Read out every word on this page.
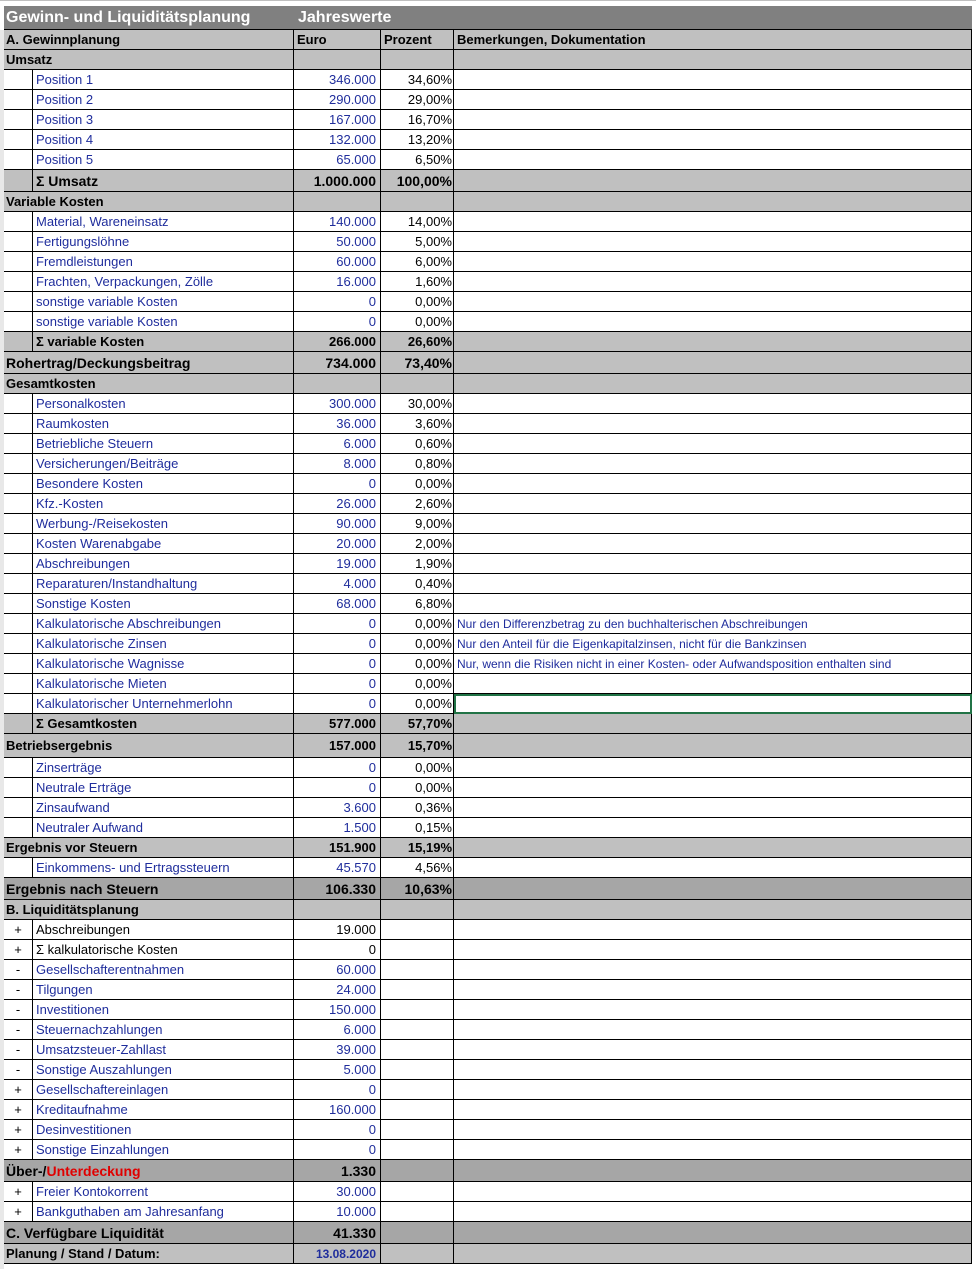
Gewinn- und Liquiditätsplanung	Jahreswerte
A. Gewinnplanung	Euro	Prozent	Bemerkungen, Dokumentation
Umsatz
Position 1	346.000	34,60%
Position 2	290.000	29,00%
Position 3	167.000	16,70%
Position 4	132.000	13,20%
Position 5	65.000	6,50%
Σ Umsatz	1.000.000	100,00%
Variable Kosten
Material, Wareneinsatz	140.000	14,00%
Fertigungslöhne	50.000	5,00%
Fremdleistungen	60.000	6,00%
Frachten, Verpackungen, Zölle	16.000	1,60%
sonstige variable Kosten	0	0,00%
sonstige variable Kosten	0	0,00%
Σ variable Kosten	266.000	26,60%
Rohertrag/Deckungsbeitrag	734.000	73,40%
Gesamtkosten
Personalkosten	300.000	30,00%
Raumkosten	36.000	3,60%
Betriebliche Steuern	6.000	0,60%
Versicherungen/Beiträge	8.000	0,80%
Besondere Kosten	0	0,00%
Kfz.-Kosten	26.000	2,60%
Werbung-/Reisekosten	90.000	9,00%
Kosten Warenabgabe	20.000	2,00%
Abschreibungen	19.000	1,90%
Reparaturen/Instandhaltung	4.000	0,40%
Sonstige Kosten	68.000	6,80%
Kalkulatorische Abschreibungen	0	0,00% Nur den Differenzbetrag zu den buchhalterischen Abschreibungen
Kalkulatorische Zinsen	0	0,00% Nur den Anteil für die Eigenkapitalzinsen, nicht für die Bankzinsen
Kalkulatorische Wagnisse	0	0,00% Nur, wenn die Risiken nicht in einer Kosten- oder Aufwandsposition enthalten sind
Kalkulatorische Mieten	0	0,00%
Kalkulatorischer Unternehmerlohn	0	0,00%
Σ Gesamtkosten	577.000	57,70%
Betriebsergebnis	157.000	15,70%
Zinserträge	0	0,00%
Neutrale Erträge	0	0,00%
Zinsaufwand	3.600	0,36%
Neutraler Aufwand	1.500	0,15%
Ergebnis vor Steuern	151.900	15,19%
Einkommens- und Ertragssteuern	45.570	4,56%
Ergebnis nach Steuern	106.330	10,63%
B. Liquiditätsplanung
+	Abschreibungen	19.000
+	Σ kalkulatorische Kosten	0
-	Gesellschafterentnahmen	60.000
-	Tilgungen	24.000
-	Investitionen	150.000
-	Steuernachzahlungen	6.000
-	Umsatzsteuer-Zahllast	39.000
-	Sonstige Auszahlungen	5.000
+	Gesellschaftereinlagen	0
+	Kreditaufnahme	160.000
+	Desinvestitionen	0
+	Sonstige Einzahlungen	0
Über-/ Unterdeckung	1.330
+	Freier Kontokorrent	30.000
+	Bankguthaben am Jahresanfang	10.000
C. Verfügbare Liquidität	41.330
Planung / Stand / Datum:	13.08.2020
